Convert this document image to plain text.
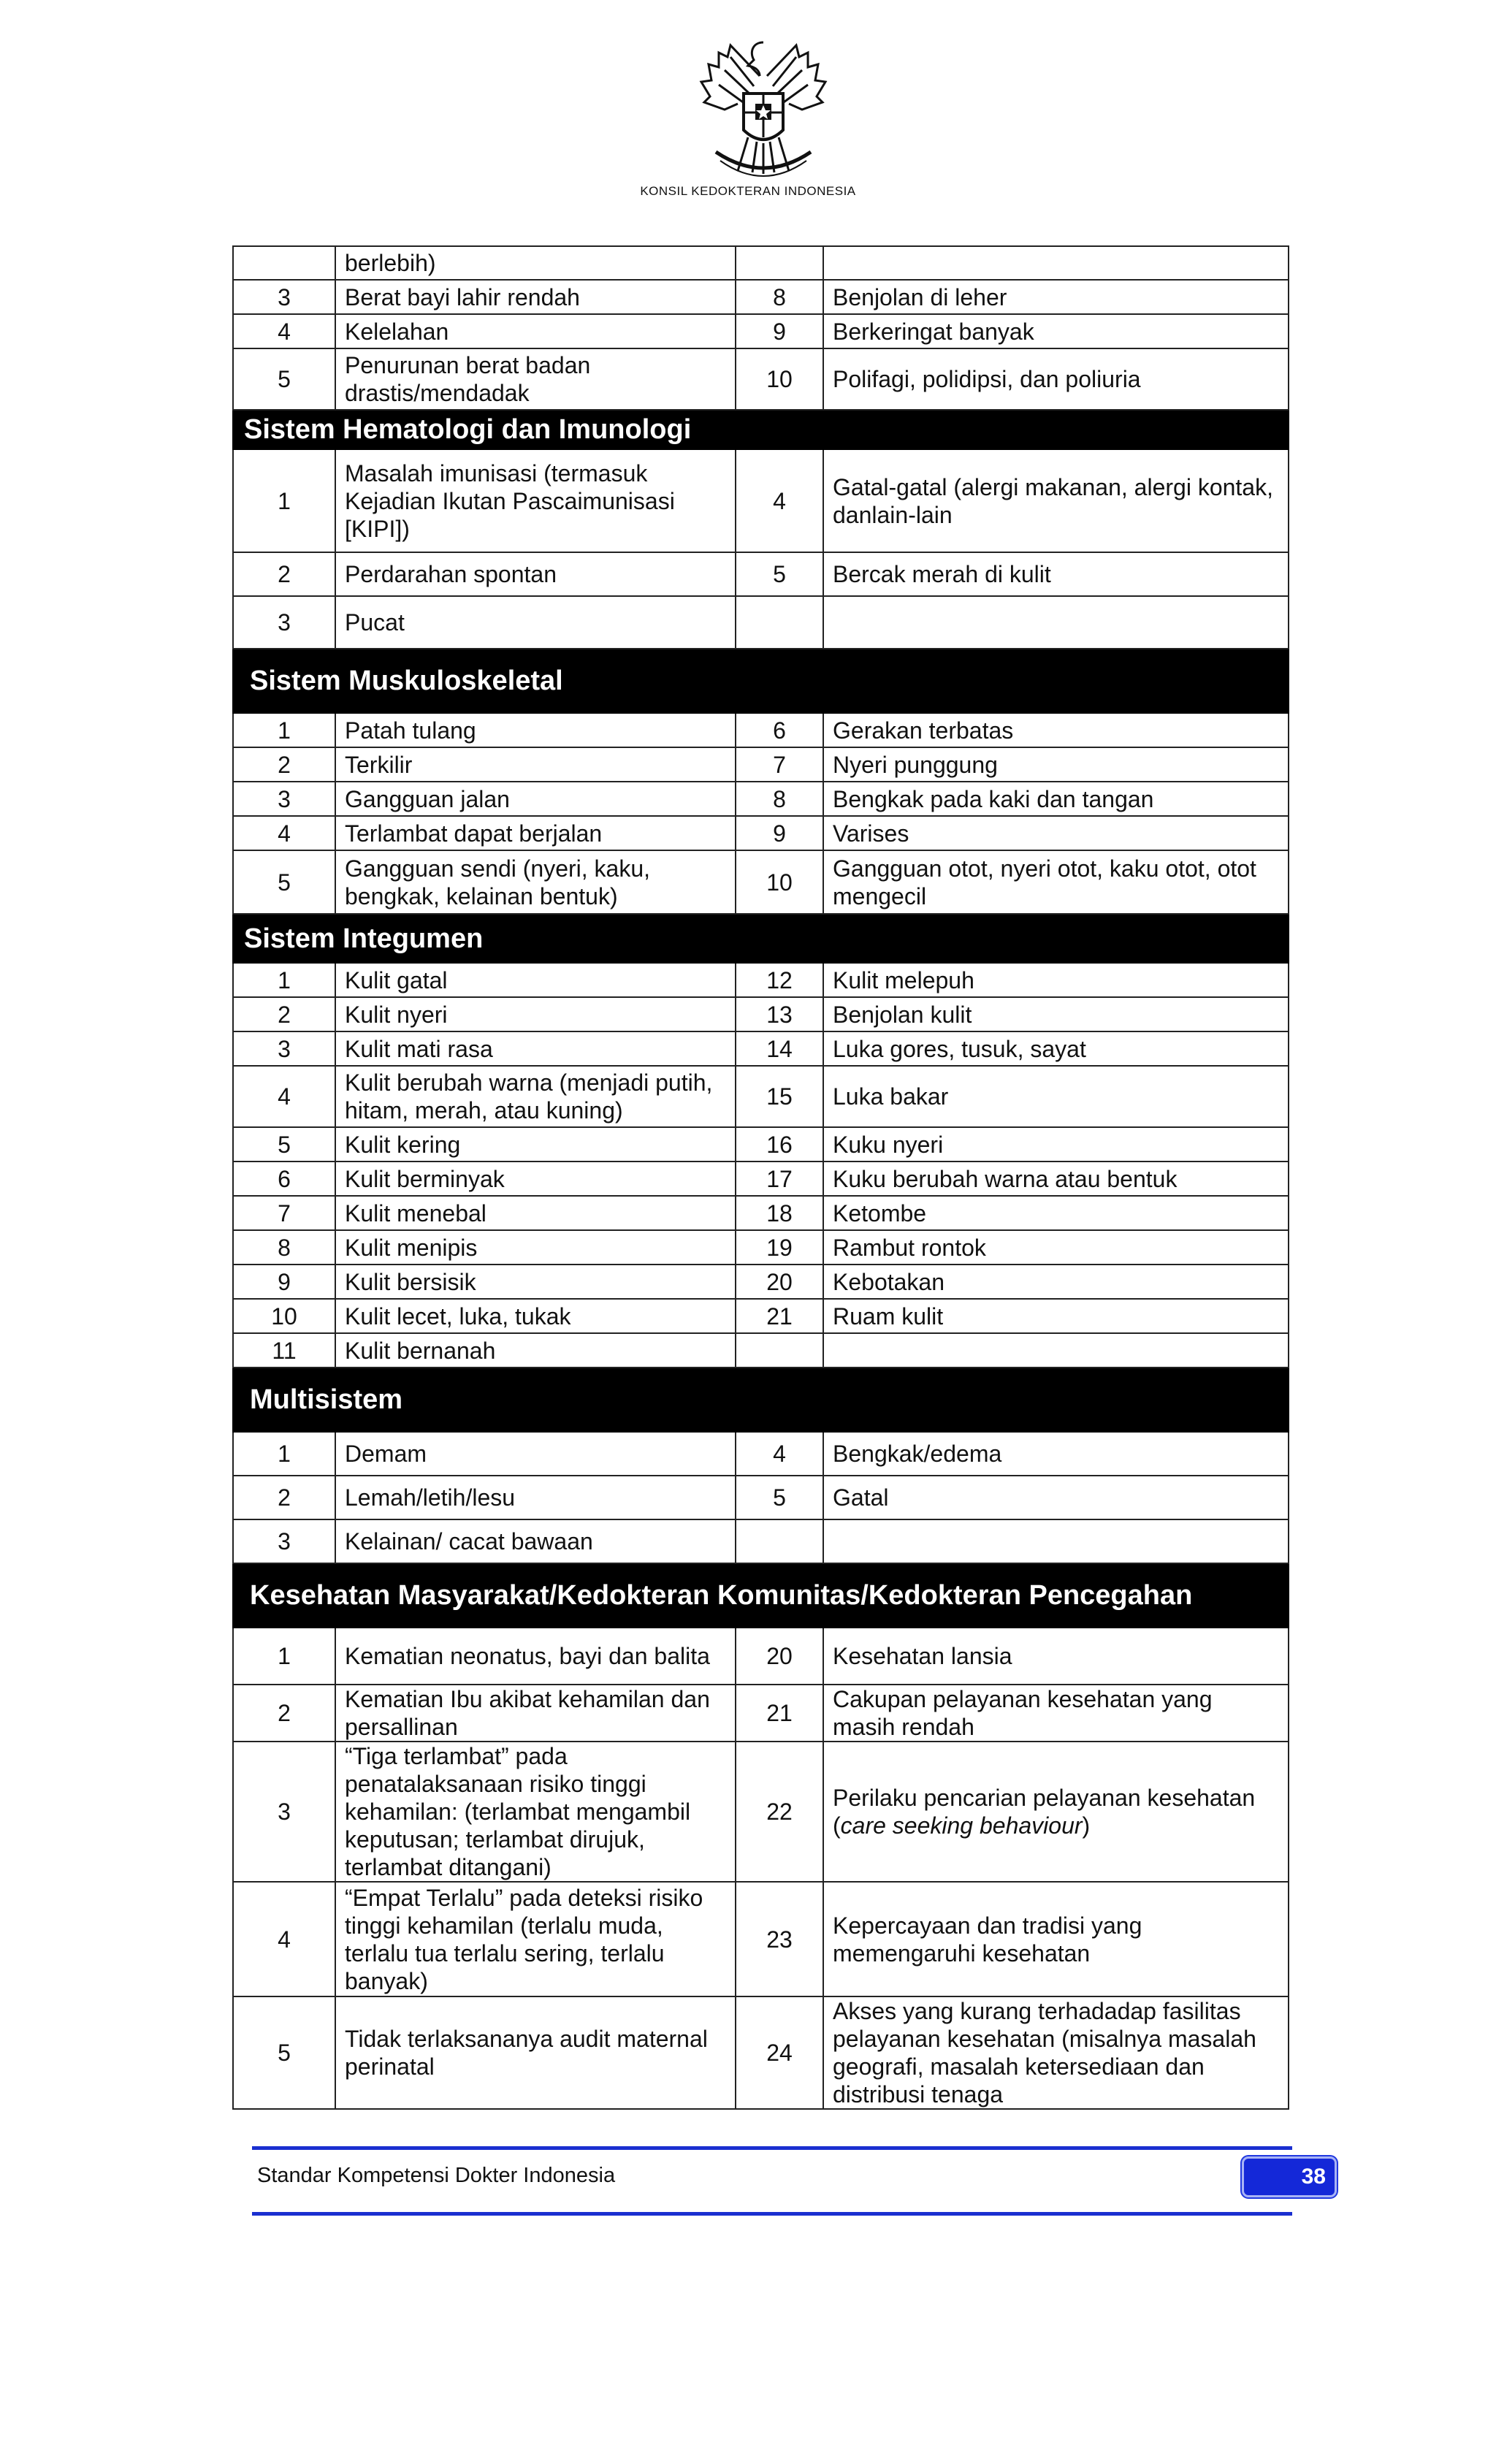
KONSIL KEDOKTERAN INDONESIA
	berlebih)		
3	Berat bayi lahir rendah	8	Benjolan di leher
4	Kelelahan	9	Berkeringat banyak
5	Penurunan berat badan drastis/mendadak	10	Polifagi, polidipsi, dan poliuria
Sistem Hematologi dan Imunologi			
1	Masalah imunisasi (termasuk Kejadian Ikutan Pascaimunisasi [KIPI])	4	Gatal-gatal (alergi makanan, alergi kontak, danlain-lain
2	Perdarahan spontan	5	Bercak merah di kulit
3	Pucat		
Sistem Muskuloskeletal			
1	Patah tulang	6	Gerakan terbatas
2	Terkilir	7	Nyeri punggung
3	Gangguan jalan	8	Bengkak pada kaki dan tangan
4	Terlambat dapat berjalan	9	Varises
5	Gangguan sendi (nyeri, kaku, bengkak, kelainan bentuk)	10	Gangguan otot, nyeri otot, kaku otot, otot mengecil
Sistem Integumen			
1	Kulit gatal	12	Kulit melepuh
2	Kulit nyeri	13	Benjolan kulit
3	Kulit mati rasa	14	Luka gores, tusuk, sayat
4	Kulit berubah warna (menjadi putih, hitam, merah, atau kuning)	15	Luka bakar
5	Kulit kering	16	Kuku nyeri
6	Kulit berminyak	17	Kuku berubah warna atau bentuk
7	Kulit menebal	18	Ketombe
8	Kulit menipis	19	Rambut rontok
9	Kulit bersisik	20	Kebotakan
10	Kulit lecet, luka, tukak	21	Ruam kulit
11	Kulit bernanah		
Multisistem			
1	Demam	4	Bengkak/edema
2	Lemah/letih/lesu	5	Gatal
3	Kelainan/ cacat bawaan		
Kesehatan Masyarakat/Kedokteran Komunitas/Kedokteran Pencegahan			
1	Kematian neonatus, bayi dan balita	20	Kesehatan lansia
2	Kematian Ibu akibat kehamilan dan persallinan	21	Cakupan pelayanan kesehatan yang masih rendah
3	“Tiga terlambat” pada penatalaksanaan risiko tinggi kehamilan: (terlambat mengambil keputusan; terlambat dirujuk, terlambat ditangani)	22	Perilaku pencarian pelayanan kesehatan (care seeking behaviour)
4	“Empat Terlalu” pada deteksi risiko tinggi kehamilan (terlalu muda, terlalu tua terlalu sering, terlalu banyak)	23	Kepercayaan dan tradisi yang memengaruhi kesehatan
5	Tidak terlaksananya audit maternal perinatal	24	Akses yang kurang terhadadap fasilitas pelayanan kesehatan (misalnya masalah geografi, masalah ketersediaan dan distribusi tenaga
Standar Kompetensi Dokter Indonesia	38
